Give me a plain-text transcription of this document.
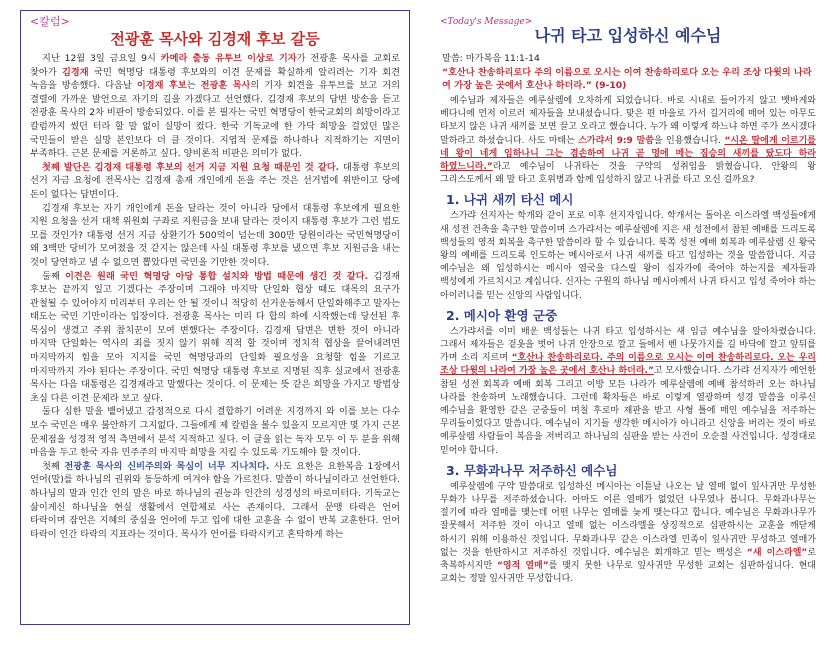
<칼럼>
전광훈 목사와 김경재 후보 갈등

지난 12월 3일 금요일 9시 카메라 출동 유투브 이상로 기자가 전광훈 목사를 교회로 찾아가 김경재 국민 혁명당 대통령 후보와의 이견 문제를 확실하게 알리려는 기자 회견 녹음을 방송했다. 다음날 이경재 후보는 전광훈 목사의 기자 회견을 유투브를 보고 거의 결렬에 가까운 발언으로 자기의 길을 가겠다고 선언했다. 김경재 후보의 답변 방송을 듣고 전광훈 목사의 2차 비판이 방송되었다. 이를 본 필자는 국민 혁명당이 한국교회의 희망이라고 칼럼까지 썼던 터라 할 말 없이 실망이 컸다. 한국 기독교에 한 가닥 희망을 걸었던 많은 국민들이 받은 실망 본인보다 더 클 것이다. 지엽적 문제를 하나하나 지적하기는 지면이 부족하다. 근본 문제를 거론하고 싶다. 양비론적 비판은 의미가 없다.

첫째 발단은 김경재 대통령 후보의 선거 지금 지원 요청 때문인 것 같다. 대통령 후보의 선거 자금 요청에 전목사는 김경재 총재 개인에게 돈을 주는 것은 선거법에 위반이고 당에 돈이 없다는 답변이다.

김경재 후보는 자기 개인에게 돈을 달라는 것이 아니라 당에서 대통령 후보에게 필요한 지원 요청을 선거 대책 위원회 구좌로 지원금을 보내 달라는 것이지 대통령 후보가 그런 법도 모를 것인가? 대통령 선거 지금 상환기가 500억이 넘는데 300만 당원이라는 국민혁명당이 왜 3백만 당비가 모여졌을 것 같지는 않은데 사실 대통령 후보를 냈으면 후보 지원금을 내는 것이 당연하고 낼 수 없으면 뽑았다면 국민을 기만한 것이다.

둘째 이견은 원래 국민 혁명당 아당 통합 설치와 방법 때문에 생긴 것 같다. 김경재 후보는 끝까지 일고 기겠다는 주장이며 그래야 마지막 단일화 협상 때도 대목의 요구가 관철될 수 있어야지 미리부터 우리는 안 될 것이니 적당히 선거운동해서 단일화해주고 말자는 태도는 국민 기만이라는 입장이다. 전광훈 목사는 미리 다 합의 하에 시작했는데 당선된 후 목심이 생겼고 주위 참치꾼이 모여 변했다는 주장이다. 김경재 답변은 변한 것이 아니라 마지막 단일화는 역사의 죄를 짓지 않기 위해 직적 할 것이며 정치적 협상을 끌어내려면 마지막까지 힘을 모아 지지를 국민 혁명당과의 단일화 필요성을 요청할 힘을 기르고 마지막까지 가야 된다는 주장이다. 국민 혁명당 대통령 후보로 지명된 직후 실교에서 전광훈 목사는 다음 대통령은 김경재라고 말했다는 것이다. 이 문제는 뜻 같은 희망을 가지고 방법상 초심 다른 이견 문제라 보고 싶다.

둘다 심한 말을 뱉어냈고 감정적으로 다시 결합하기 어려운 지경까지 와 이를 보는 다수 보수 국민은 매우 불안하기 그지없다. 그들에게 제 칼럼을 볼수 있을지 모르지만 몇 가지 근본 문제점을 성경적 영적 측면에서 분석 지적하고 싶다. 이 글을 읽는 독자 모두 이 두 분을 위해 마음을 두고 한국 자유 민주주의 마지막 희망을 지킬 수 있도록 기도해야 할 것이다.

첫째 전광훈 목사의 신비주의와 목심이 너무 지나치다. 사도 요한은 요한복음 1장에서 언어(말)를 하나님의 권위와 동등하게 여겨야 함을 가르친다. 말씀이 하나님이라고 선언한다. 하나님의 말과 인간 인의 말은 바로 하나님의 권능과 인간의 성경성의 바로미터다. 기독교는 삶이게신 하나님을 현실 생활에서 연합체로 사는 존재이다. 그래서 문맹 타락은 언어 타락이며 잠언은 지혜의 중심을 언어에 두고 입에 대한 교훈을 수 없이 반복 교훈한다. 언어 타락이 인간 타락의 지표라는 것이다. 목사가 언어를 타락시키고 혼탁하게 하는

<Today's Message>
나귀 타고 입성하신 예수님
말씀: 마가복음 11:1-14
“호산나 찬송하리로다 주의 이름으로 오시는 이여 찬송하리로다 오는 우리 조상 다윗의 나라여 가장 높은 곳에서 호산나 하더라.” (9-10)

예수님과 제자들은 예루살렘에 오차하게 되었습니다. 바로 시내로 들어가지 않고 뱃바게와 베다니에 먼저 이르러 제자들을 보내셨습니다. 맞은 편 마을로 가서 길거리에 매어 있는 아무도 타보지 않은 나귀 새끼를 보면 끌고 오라고 했습니다. 누가 왜 이렇게 하느냐 하면 주가 쓰시겠다 말하라고 하셨습니다. 사도 마태는 스가랴서 9:9 말씀을 인용했습니다. “시온 딸에게 이르기를 네 왕이 네게 임하나니 그는 겸손하여 나귀 곧 멍에 메는 짐승의 새끼를 탔도다 하라 하였느니라.”라고 예수님이 나귀타는 것을 구약의 성취임을 밝혔습니다. 안왕의 왕 그리스도께서 왜 말 타고 호위병과 함께 입성하지 않고 나귀를 타고 오신 걸까요?

1. 나귀 새끼 타신 메시

스가랴 선지자는 학개와 같이 포로 이후 선지자입니다. 학개서는 돌아온 이스라엘 백성들에게 새 성전 건축을 촉구한 말씀이며 스가랴서는 예루살렘에 지은 새 성전에서 참된 예배를 드리도록 백성들의 영적 회복을 촉구한 말씀이라 할 수 있습니다. 북쪽 성전 예배 회복과 예루살렘 신 왕국 왕의 예배를 드리도록 인도하는 메시아로서 나귀 새끼를 타고 입성하는 것을 말씀합니다. 지금 예수님은 왜 입성하시는 메시아 열국을 다스릴 왕이 십자가에 죽어야 하는지를 제자들과 백성에게 가르치시고 계십니다. 신자는 구원의 하나님 메시아께서 나귀 타시고 입성 죽어야 하는 아이러니를 믿는 신앙의 사람입니다.

2. 메시아 환영 군중

스가랴서를 이미 배운 백성들는 나귀 타고 입성하시는 새 임금 예수님을 알아차렸습니다. 그래서 제자들은 겉옷을 벗어 나귀 안장으로 깔고 들에서 벤 나뭇가지를 길 바닥에 깔고 앞뒤를 가며 소리 지르며 “호산나 찬송하리로다. 주의 이름으로 오시는 이여 찬송하리로다. 오는 우리 조상 다윗의 나라여 가장 높은 곳에서 호산나 하더라.”고 모사했습니다. 스가랴 선지자가 예언한 참된 성전 회복과 예배 회복 그리고 이방 모든 나라가 예루살렘에 예배 참석하러 오는 하나님 나라를 찬송하며 노래했습니다. 그런데 확차들은 바로 이렇게 열광하며 성경 말씀을 이루신 예수님을 환영한 같은 군중들이 며칠 후로마 재판을 받고 사형 틀에 매인 예수님을 저주하는 무리들이었다고 말씀니다. 예수님이 지기들 생각한 메시아가 아니라고 신앙을 버리는 것이 바로 예루살렘 사람들이 복음을 저버리고 하나님의 심판을 받는 사건이 오순절 사건입니다. 성경대로 믿어야 합니다.

3. 무화과나무 저주하신 예수님

예루살렘에 구약 말씀대로 입성하신 메시아는 이튿날 나오는 날 열매 없이 잎사귀만 무성한 무화가 나무를 저주하셨습니다. 아마도 이른 열매가 없었던 나무였나 봅니다. 무화과나무는 절기에 따라 열매를 맺는데 어떤 나무는 열매를 늦게 맺는다고 합니다. 예수님은 무화과나무가 잘못해서 저주한 것이 아니고 열매 없는 이스라엘을 상징적으로 심판하시는 교훈을 깨닫게 하시기 위해 이용하신 것입니다. 무화과나무 같은 이스라엘 민족이 잎사귀만 무성하고 열매가 없는 것을 한탄하시고 저주하신 것입니다. 예수님은 회개하고 믿는 백성은 “새 이스라엘”로 축복하시지만 “영적 열매”를 맺지 못한 나무로 잎사귀만 무성한 교회는 심판하십니다. 현대 교회는 정말 잎사귀만 무성합니다.
